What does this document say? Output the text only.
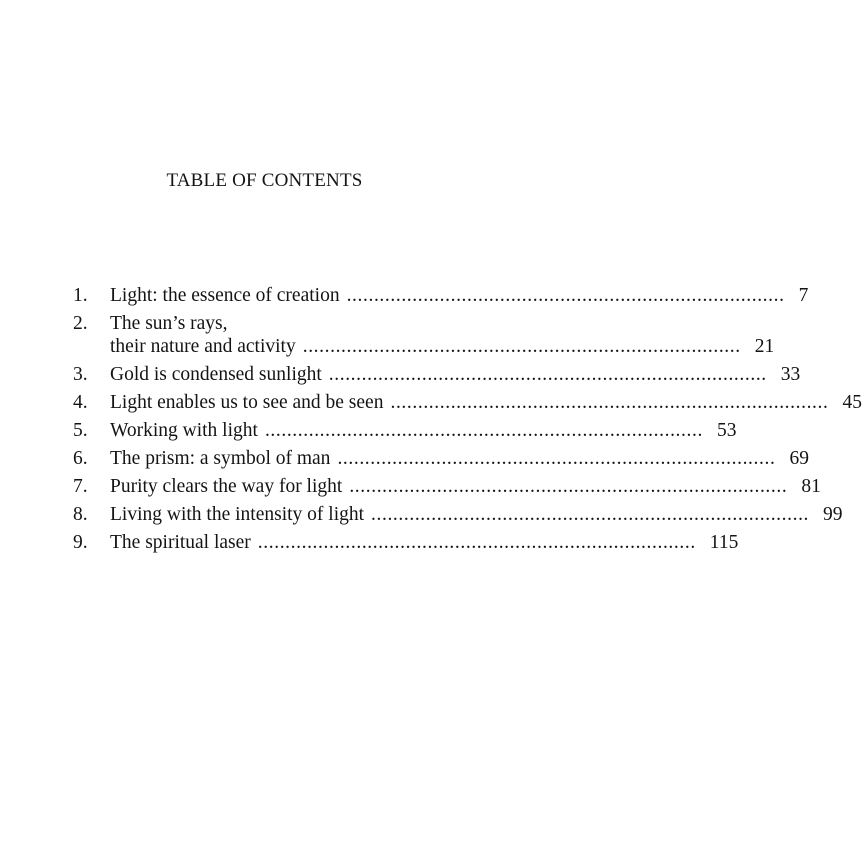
TABLE OF CONTENTS
1. Light: the essence of creation ................................................................................ 7
2. The sun’s rays,
their nature and activity ................................................................................ 21
3. Gold is condensed sunlight ................................................................................ 33
4. Light enables us to see and be seen ................................................................................ 45
5. Working with light ................................................................................ 53
6. The prism: a symbol of man ................................................................................ 69
7. Purity clears the way for light ................................................................................ 81
8. Living with the intensity of light ................................................................................ 99
9. The spiritual laser ................................................................................ 115
